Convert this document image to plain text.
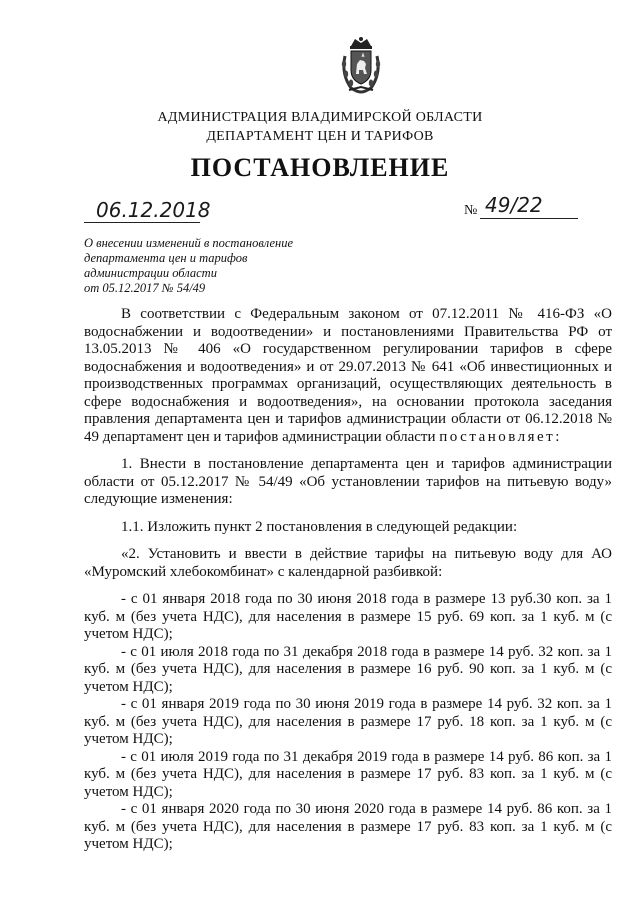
АДМИНИСТРАЦИЯ ВЛАДИМИРСКОЙ ОБЛАСТИ
ДЕПАРТАМЕНТ ЦЕН И ТАРИФОВ
ПОСТАНОВЛЕНИЕ
06.12.2018	№ 49/22
О внесении изменений в постановление
департамента цен и тарифов
администрации области
от 05.12.2017 № 54/49

В соответствии с Федеральным законом от 07.12.2011 № 416-ФЗ «О водоснабжении и водоотведении» и постановлениями Правительства РФ от 13.05.2013 № 406 «О государственном регулировании тарифов в сфере водоснабжения и водоотведения» и от 29.07.2013 № 641 «Об инвестиционных и производственных программах организаций, осуществляющих деятельность в сфере водоснабжения и водоотведения», на основании протокола заседания правления департамента цен и тарифов администрации области от 06.12.2018 № 49 департамент цен и тарифов администрации области постановляет:

1. Внести в постановление департамента цен и тарифов администрации области от 05.12.2017 № 54/49 «Об установлении тарифов на питьевую воду» следующие изменения:

1.1. Изложить пункт 2 постановления в следующей редакции:

«2. Установить и ввести в действие тарифы на питьевую воду для АО «Муромский хлебокомбинат» с календарной разбивкой:

- с 01 января 2018 года по 30 июня 2018 года в размере 13 руб.30 коп. за 1 куб. м (без учета НДС), для населения в размере 15 руб. 69 коп. за 1 куб. м (с учетом НДС);

- с 01 июля 2018 года по 31 декабря 2018 года в размере 14 руб. 32 коп. за 1 куб. м (без учета НДС), для населения в размере 16 руб. 90 коп. за 1 куб. м (с учетом НДС);

- с 01 января 2019 года по 30 июня 2019 года в размере 14 руб. 32 коп. за 1 куб. м (без учета НДС), для населения в размере 17 руб. 18 коп. за 1 куб. м (с учетом НДС);

- с 01 июля 2019 года по 31 декабря 2019 года в размере 14 руб. 86 коп. за 1 куб. м (без учета НДС), для населения в размере 17 руб. 83 коп. за 1 куб. м (с учетом НДС);

- с 01 января 2020 года по 30 июня 2020 года в размере 14 руб. 86 коп. за 1 куб. м (без учета НДС), для населения в размере 17 руб. 83 коп. за 1 куб. м (с учетом НДС);
